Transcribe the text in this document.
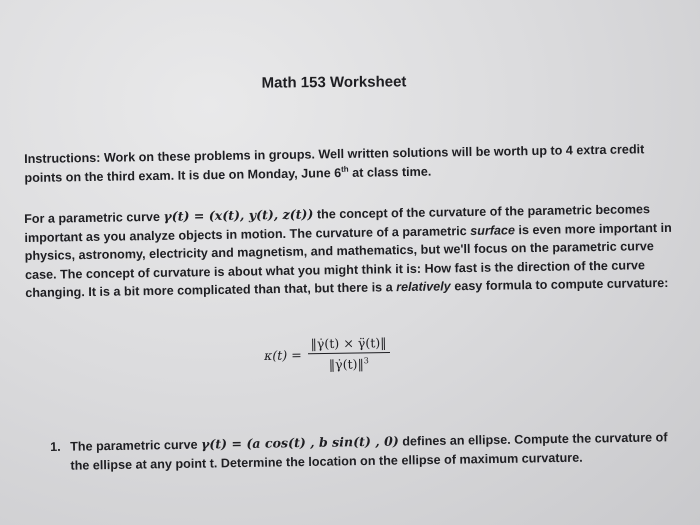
Math 153 Worksheet
Instructions: Work on these problems in groups. Well written solutions will be worth up to 4 extra credit points on the third exam. It is due on Monday, June 6th at class time.
For a parametric curve γ(t) = (x(t), y(t), z(t)) the concept of the curvature of the parametric becomes important as you analyze objects in motion. The curvature of a parametric surface is even more important in physics, astronomy, electricity and magnetism, and mathematics, but we'll focus on the parametric curve case. The concept of curvature is about what you might think it is: How fast is the direction of the curve changing. It is a bit more complicated than that, but there is a relatively easy formula to compute curvature:
$\kappa(t) = \frac{‖\gammȧ(t) \times \gammä(t)‖}{‖\gammȧ(t)‖^3}$
1. The parametric curve γ(t) = (a cos(t) , b sin(t) , 0) defines an ellipse. Compute the curvature of the ellipse at any point t. Determine the location on the ellipse of maximum curvature.
